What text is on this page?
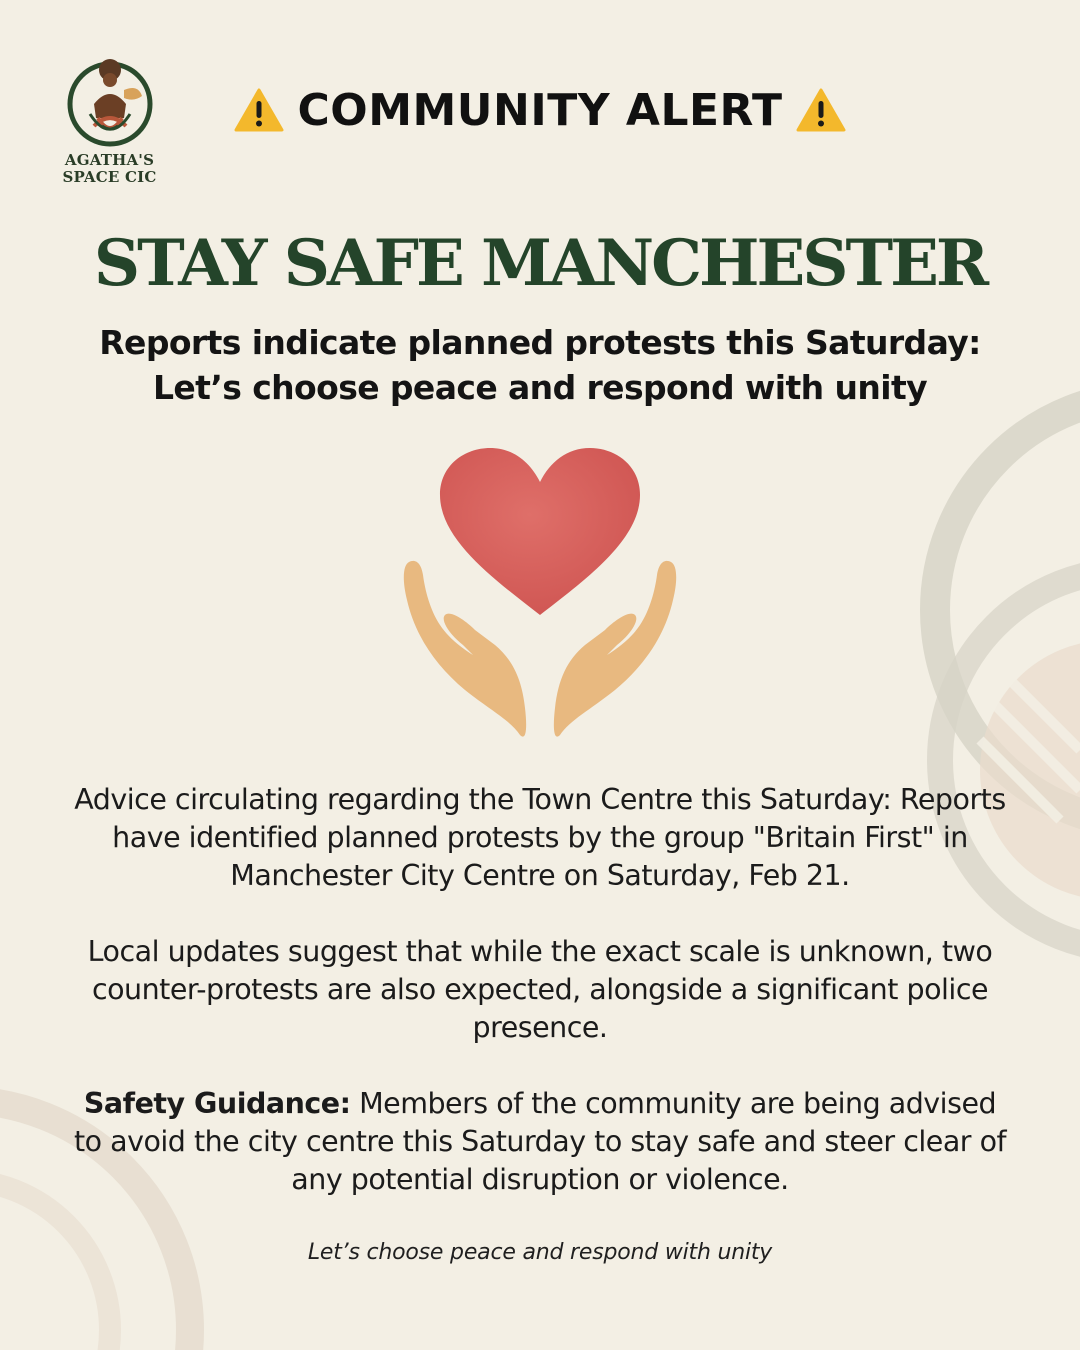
AGATHA'S
SPACE CIC
COMMUNITY ALERT
STAY SAFE MANCHESTER
Reports indicate planned protests this Saturday:
Let’s choose peace and respond with unity

Advice circulating regarding the Town Centre this Saturday: Reports have identified planned protests by the group "Britain First" in Manchester City Centre on Saturday, Feb 21.

Local updates suggest that while the exact scale is unknown, two counter-protests are also expected, alongside a significant police presence.

Safety Guidance: Members of the community are being advised to avoid the city centre this Saturday to stay safe and steer clear of any potential disruption or violence.

Let’s choose peace and respond with unity
